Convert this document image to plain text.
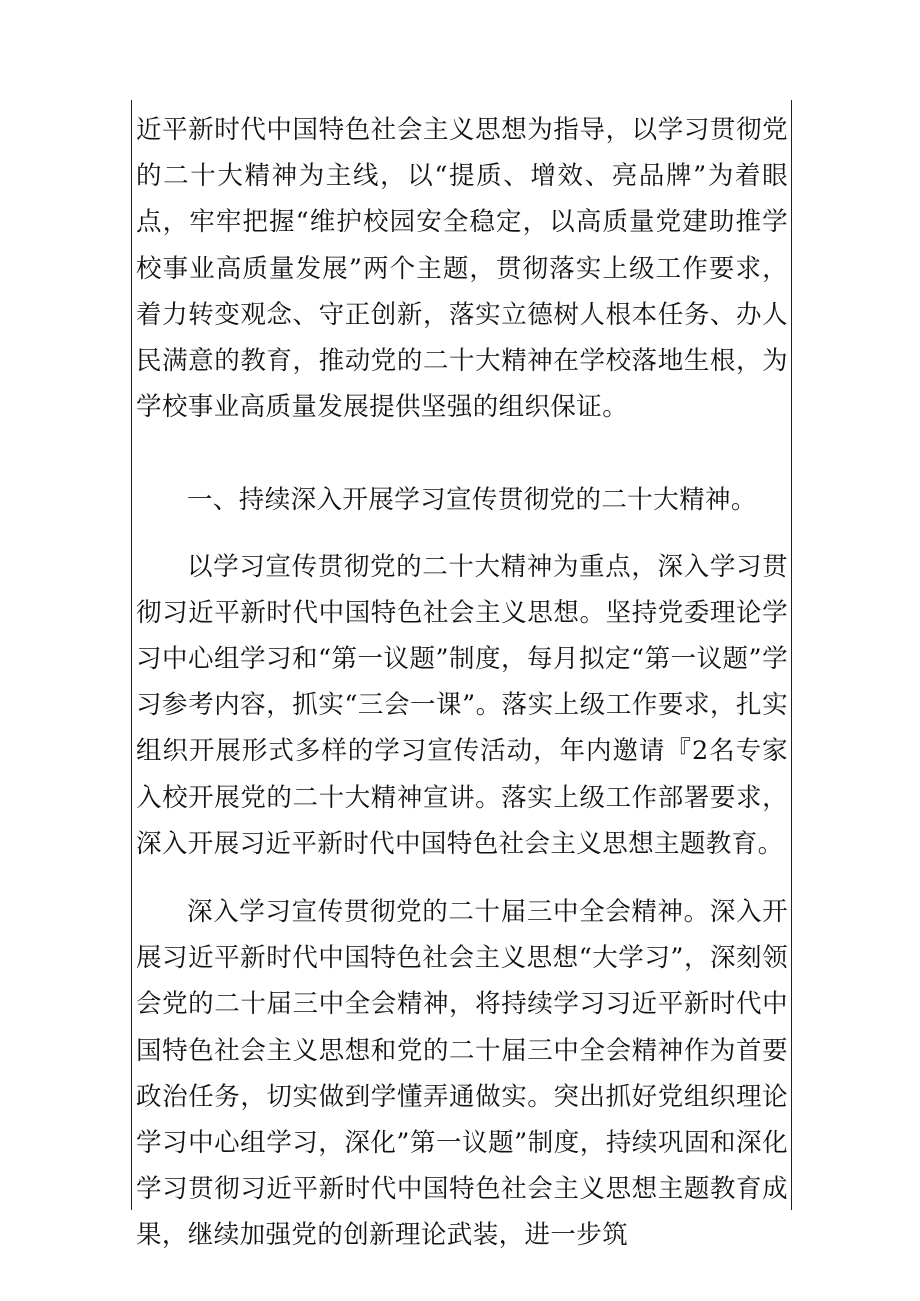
近平新时代中国特色社会主义思想为指导，以学习贯彻党的二十大精神为主线，以“提质、增效、亮品牌”为着眼点，牢牢把握“维护校园安全稳定，以高质量党建助推学校事业高质量发展”两个主题，贯彻落实上级工作要求，着力转变观念、守正创新，落实立德树人根本任务、办人民满意的教育，推动党的二十大精神在学校落地生根，为学校事业高质量发展提供坚强的组织保证。

一、持续深入开展学习宣传贯彻党的二十大精神。

以学习宣传贯彻党的二十大精神为重点，深入学习贯彻习近平新时代中国特色社会主义思想。坚持党委理论学习中心组学习和“第一议题”制度，每月拟定“第一议题”学习参考内容，抓实“三会一课”。落实上级工作要求，扎实组织开展形式多样的学习宣传活动，年内邀请『2名专家入校开展党的二十大精神宣讲。落实上级工作部署要求，深入开展习近平新时代中国特色社会主义思想主题教育。

深入学习宣传贯彻党的二十届三中全会精神。深入开展习近平新时代中国特色社会主义思想“大学习”，深刻领会党的二十届三中全会精神，将持续学习习近平新时代中国特色社会主义思想和党的二十届三中全会精神作为首要政治任务，切实做到学懂弄通做实。突出抓好党组织理论学习中心组学习，深化”第一议题”制度，持续巩固和深化学习贯彻习近平新时代中国特色社会主义思想主题教育成果，继续加强党的创新理论武装，进一步筑
